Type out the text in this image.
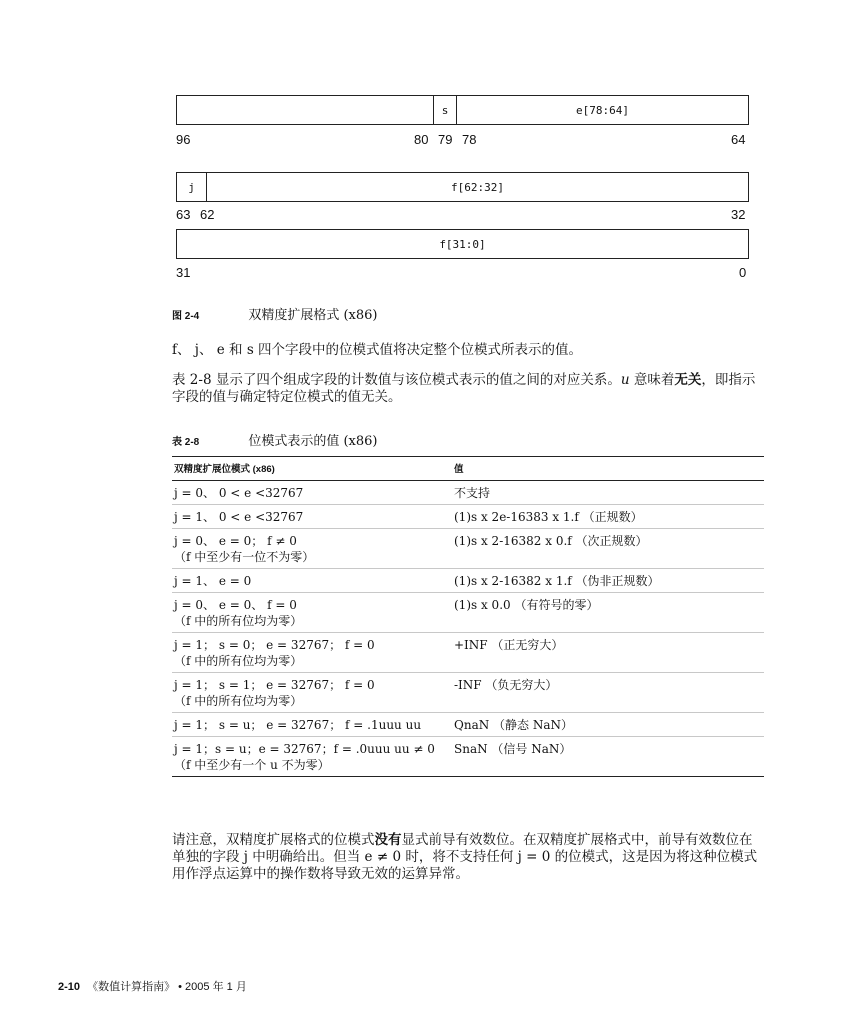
s	e[78:64]
96	80 79 78	64
j	f[62:32]
63 62	32
f[31:0]
31	0
图 2-4	双精度扩展格式 (x86)
f、 j、 e 和 s 四个字段中的位模式值将决定整个位模式所表示的值。
表 2-8 显示了四个组成字段的计数值与该位模式表示的值之间的对应关系。u 意味着无关，即指示字段的值与确定特定位模式的值无关。
表 2-8	位模式表示的值 (x86)
双精度扩展位模式 (x86)	值

j = 0、 0 < e <32767	不支持

j = 1、 0 < e <32767	(1)s x 2e-16383 x 1.f （正规数）

j = 0、 e = 0； f ≠ 0
（f 中至少有一位不为零）	(1)s x 2-16382 x 0.f （次正规数）

j = 1、 e = 0	(1)s x 2-16382 x 1.f （伪非正规数）

j = 0、 e = 0、 f = 0
（f 中的所有位均为零）	(1)s x 0.0 （有符号的零）

j = 1； s = 0； e = 32767； f = 0
（f 中的所有位均为零）	+INF （正无穷大）

j = 1； s = 1； e = 32767； f = 0
（f 中的所有位均为零）	-INF （负无穷大）

j = 1； s = u； e = 32767； f = .1uuu uu	QnaN （静态 NaN）

j = 1；s = u；e = 32767；f = .0uuu uu ≠ 0
（f 中至少有一个 u 不为零）	SnaN （信号 NaN）
请注意，双精度扩展格式的位模式没有显式前导有效数位。在双精度扩展格式中，前导有效数位在单独的字段 j 中明确给出。但当 e ≠ 0 时，将不支持任何 j = 0 的位模式，这是因为将这种位模式用作浮点运算中的操作数将导致无效的运算异常。
2-10 《数值计算指南》 • 2005 年 1 月
